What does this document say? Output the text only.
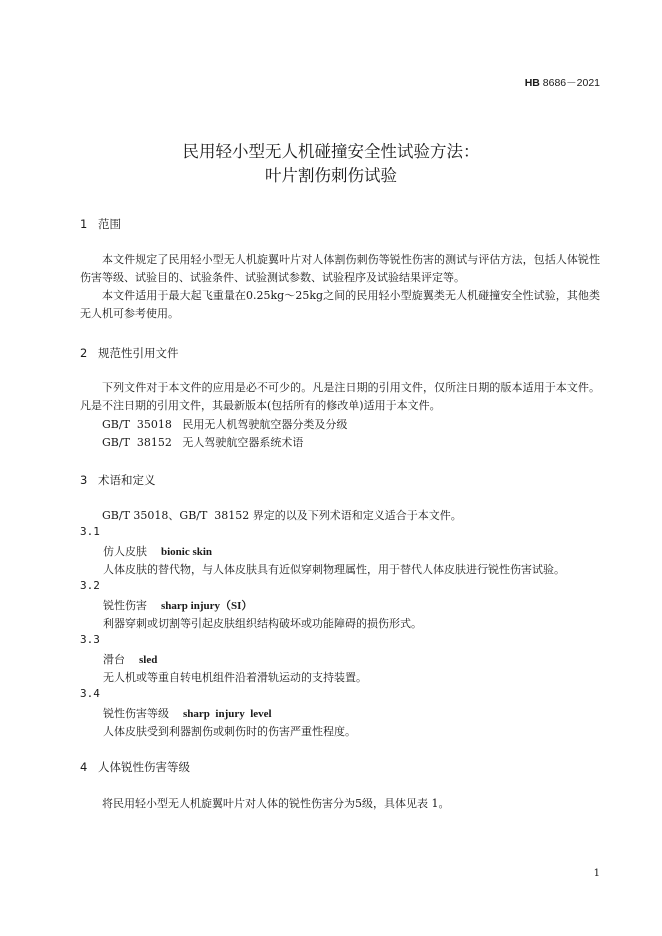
HB 8686－2021
民用轻小型无人机碰撞安全性试验方法：
叶片割伤刺伤试验
1 范围
本文件规定了民用轻小型无人机旋翼叶片对人体割伤刺伤等锐性伤害的测试与评估方法，包括人体锐性伤害等级、试验目的、试验条件、试验测试参数、试验程序及试验结果评定等。
本文件适用于最大起飞重量在0.25kg～25kg之间的民用轻小型旋翼类无人机碰撞安全性试验，其他类无人机可参考使用。
2 规范性引用文件
下列文件对于本文件的应用是必不可少的。凡是注日期的引用文件，仅所注日期的版本适用于本文件。凡是不注日期的引用文件，其最新版本(包括所有的修改单)适用于本文件。
GB/T  35018   民用无人机驾驶航空器分类及分级
GB/T  38152   无人驾驶航空器系统术语
3 术语和定义
GB/T 35018、GB/T  38152 界定的以及下列术语和定义适合于本文件。
3.1
仿人皮肤 bionic skin
人体皮肤的替代物，与人体皮肤具有近似穿刺物理属性，用于替代人体皮肤进行锐性伤害试验。
3.2
锐性伤害 sharp injury（SI）
利器穿刺或切割等引起皮肤组织结构破坏或功能障碍的损伤形式。
3.3
滑台 sled
无人机或等重自转电机组件沿着滑轨运动的支持装置。
3.4
锐性伤害等级 sharp  injury  level
人体皮肤受到利器割伤或刺伤时的伤害严重性程度。
4 人体锐性伤害等级
将民用轻小型无人机旋翼叶片对人体的锐性伤害分为5级，具体见表 1。
1
